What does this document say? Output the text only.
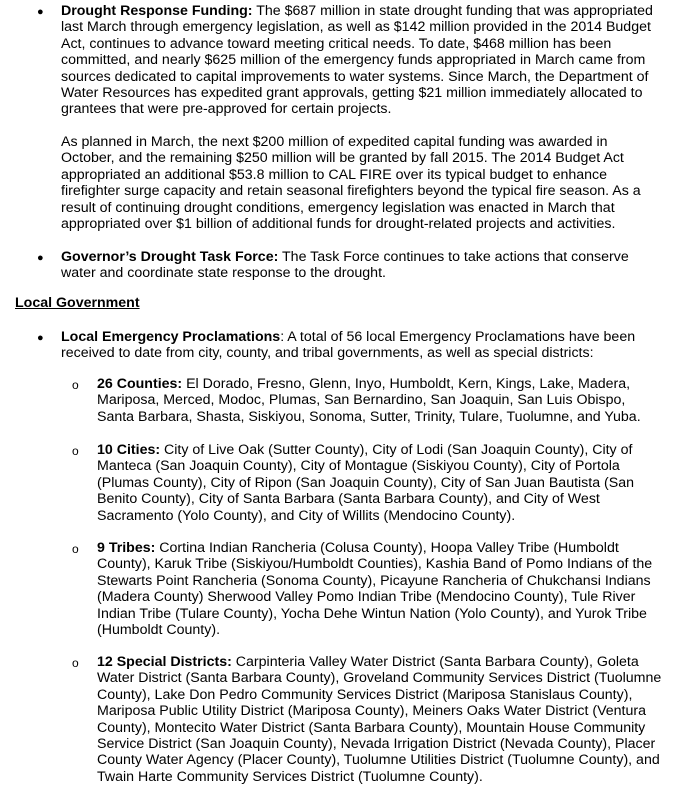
● Drought Response Funding: The $687 million in state drought funding that was appropriated last March through emergency legislation, as well as $142 million provided in the 2014 Budget Act, continues to advance toward meeting critical needs. To date, $468 million has been committed, and nearly $625 million of the emergency funds appropriated in March came from sources dedicated to capital improvements to water systems. Since March, the Department of Water Resources has expedited grant approvals, getting $21 million immediately allocated to grantees that were pre-approved for certain projects.
As planned in March, the next $200 million of expedited capital funding was awarded in October, and the remaining $250 million will be granted by fall 2015. The 2014 Budget Act appropriated an additional $53.8 million to CAL FIRE over its typical budget to enhance firefighter surge capacity and retain seasonal firefighters beyond the typical fire season. As a result of continuing drought conditions, emergency legislation was enacted in March that appropriated over $1 billion of additional funds for drought-related projects and activities.
● Governor’s Drought Task Force: The Task Force continues to take actions that conserve water and coordinate state response to the drought.
Local Government
● Local Emergency Proclamations: A total of 56 local Emergency Proclamations have been received to date from city, county, and tribal governments, as well as special districts:
o 26 Counties: El Dorado, Fresno, Glenn, Inyo, Humboldt, Kern, Kings, Lake, Madera, Mariposa, Merced, Modoc, Plumas, San Bernardino, San Joaquin, San Luis Obispo, Santa Barbara, Shasta, Siskiyou, Sonoma, Sutter, Trinity, Tulare, Tuolumne, and Yuba.
o 10 Cities: City of Live Oak (Sutter County), City of Lodi (San Joaquin County), City of Manteca (San Joaquin County), City of Montague (Siskiyou County), City of Portola (Plumas County), City of Ripon (San Joaquin County), City of San Juan Bautista (San Benito County), City of Santa Barbara (Santa Barbara County), and City of West Sacramento (Yolo County), and City of Willits (Mendocino County).
o 9 Tribes: Cortina Indian Rancheria (Colusa County), Hoopa Valley Tribe (Humboldt County), Karuk Tribe (Siskiyou/Humboldt Counties), Kashia Band of Pomo Indians of the Stewarts Point Rancheria (Sonoma County), Picayune Rancheria of Chukchansi Indians (Madera County) Sherwood Valley Pomo Indian Tribe (Mendocino County), Tule River Indian Tribe (Tulare County), Yocha Dehe Wintun Nation (Yolo County), and Yurok Tribe (Humboldt County).
o 12 Special Districts: Carpinteria Valley Water District (Santa Barbara County), Goleta Water District (Santa Barbara County), Groveland Community Services District (Tuolumne County), Lake Don Pedro Community Services District (Mariposa Stanislaus County), Mariposa Public Utility District (Mariposa County), Meiners Oaks Water District (Ventura County), Montecito Water District (Santa Barbara County), Mountain House Community Service District (San Joaquin County), Nevada Irrigation District (Nevada County), Placer County Water Agency (Placer County), Tuolumne Utilities District (Tuolumne County), and Twain Harte Community Services District (Tuolumne County).
